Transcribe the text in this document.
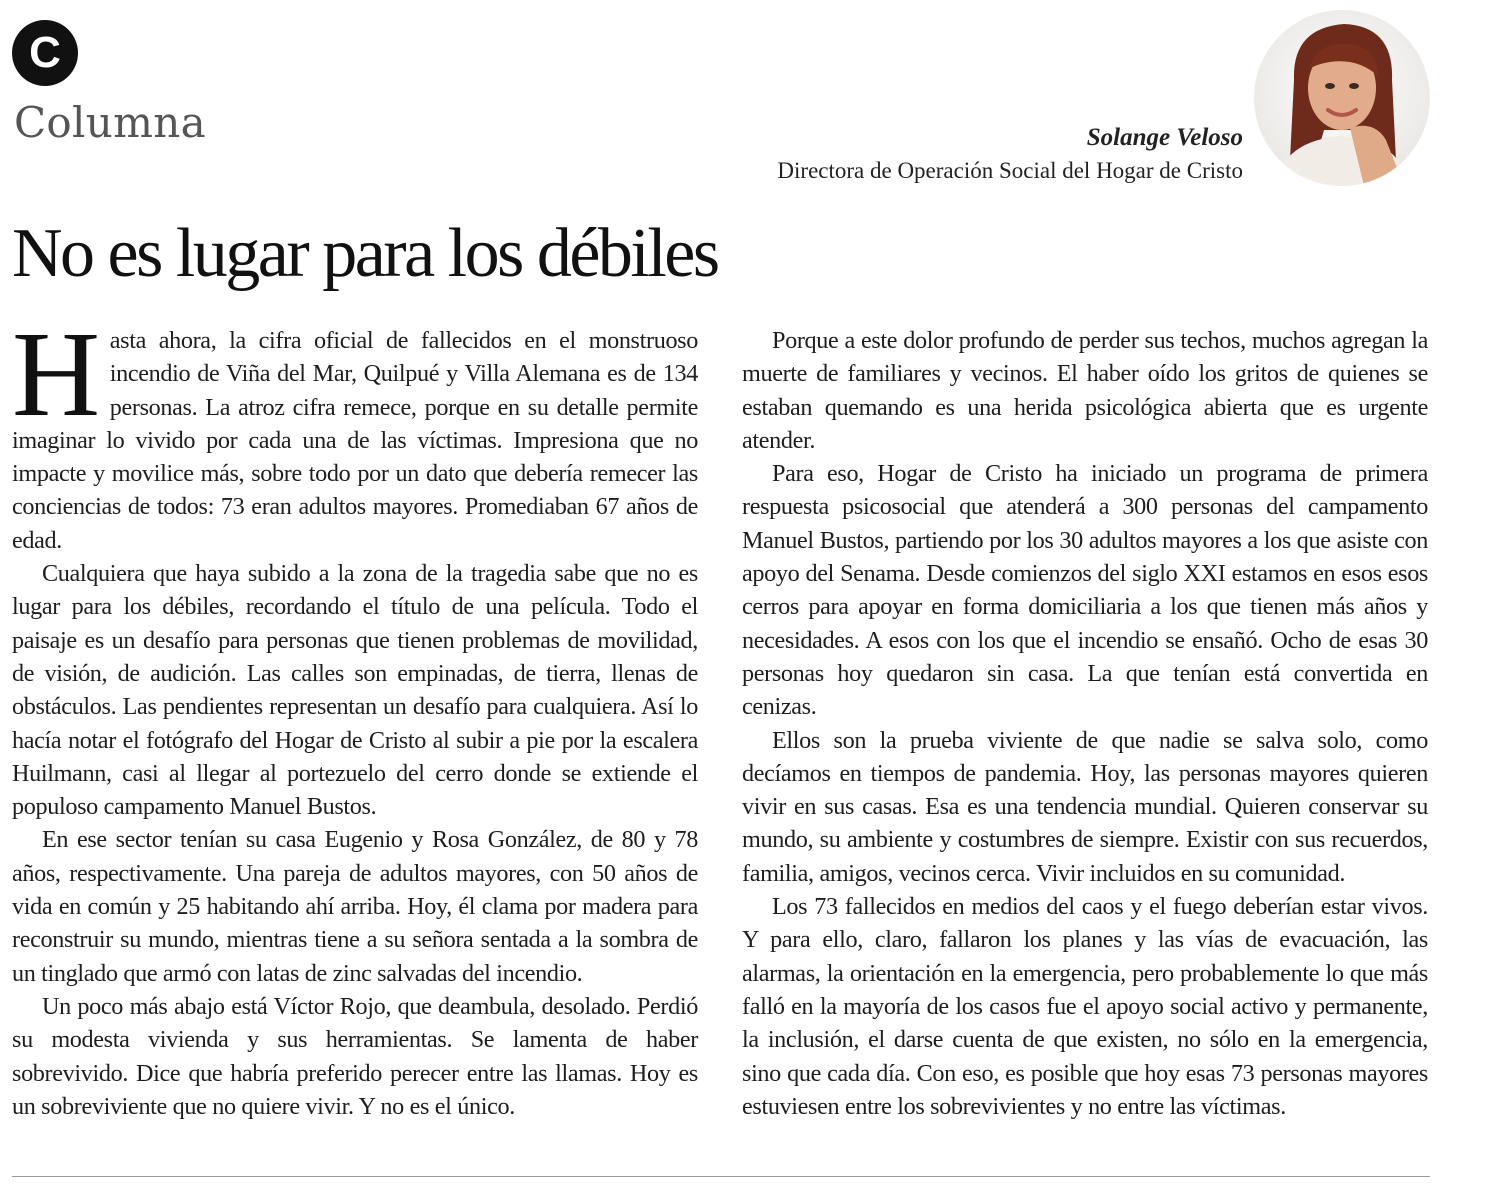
C
Columna	Solange Veloso
Directora de Operación Social del Hogar de Cristo
No es lugar para los débiles

Hasta ahora, la cifra oficial de fallecidos en el monstruoso incendio de Viña del Mar, Quilpué y Villa Alemana es de 134 personas. La atroz cifra remece, porque en su detalle permite imaginar lo vivido por cada una de las víctimas. Impresiona que no impacte y movilice más, sobre todo por un dato que debería remecer las conciencias de todos: 73 eran adultos mayores. Promediaban 67 años de edad.

Cualquiera que haya subido a la zona de la tragedia sabe que no es lugar para los débiles, recordando el título de una película. Todo el paisaje es un desafío para personas que tienen problemas de movilidad, de visión, de audición. Las calles son empinadas, de tierra, llenas de obstáculos. Las pendientes representan un desafío para cualquiera. Así lo hacía notar el fotógrafo del Hogar de Cristo al subir a pie por la escalera Huilmann, casi al llegar al portezuelo del cerro donde se extiende el populoso campamento Manuel Bustos.

En ese sector tenían su casa Eugenio y Rosa González, de 80 y 78 años, respectivamente. Una pareja de adultos mayores, con 50 años de vida en común y 25 habitando ahí arriba. Hoy, él clama por madera para reconstruir su mundo, mientras tiene a su señora sentada a la sombra de un tinglado que armó con latas de zinc salvadas del incendio.

Un poco más abajo está Víctor Rojo, que deambula, desolado. Perdió su modesta vivienda y sus herramientas. Se lamenta de haber sobrevivido. Dice que habría preferido perecer entre las llamas. Hoy es un sobreviviente que no quiere vivir. Y no es el único.

Porque a este dolor profundo de perder sus techos, muchos agregan la muerte de familiares y vecinos. El haber oído los gritos de quienes se estaban quemando es una herida psicológica abierta que es urgente atender.

Para eso, Hogar de Cristo ha iniciado un programa de primera respuesta psicosocial que atenderá a 300 personas del campamento Manuel Bustos, partiendo por los 30 adultos mayores a los que asiste con apoyo del Senama. Desde comienzos del siglo XXI estamos en esos esos cerros para apoyar en forma domiciliaria a los que tienen más años y necesidades. A esos con los que el incendio se ensañó. Ocho de esas 30 personas hoy quedaron sin casa. La que tenían está convertida en cenizas.

Ellos son la prueba viviente de que nadie se salva solo, como decíamos en tiempos de pandemia. Hoy, las personas mayores quieren vivir en sus casas. Esa es una tendencia mundial. Quieren conservar su mundo, su ambiente y costumbres de siempre. Existir con sus recuerdos, familia, amigos, vecinos cerca. Vivir incluidos en su comunidad.

Los 73 fallecidos en medios del caos y el fuego deberían estar vivos. Y para ello, claro, fallaron los planes y las vías de evacuación, las alarmas, la orientación en la emergencia, pero probablemente lo que más falló en la mayoría de los casos fue el apoyo social activo y permanente, la inclusión, el darse cuenta de que existen, no sólo en la emergencia, sino que cada día. Con eso, es posible que hoy esas 73 personas mayores estuviesen entre los sobrevivientes y no entre las víctimas.
